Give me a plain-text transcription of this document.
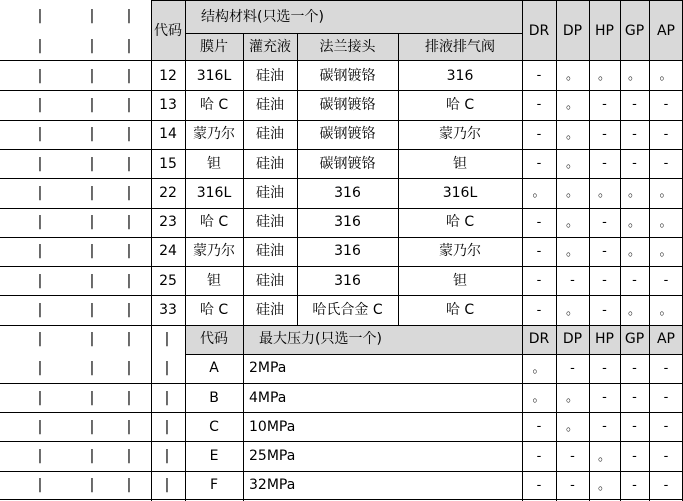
代码
结构材料(只选一个)
膜片	灌充液	法兰接头	排液排气阀
DR DP HP GP AP
12	316L	硅油	碳钢镀铬	316	-	。	。	。	。
13	哈 C	硅油	碳钢镀铬	哈 C	-	。	-	-	-
14	蒙乃尔	硅油	碳钢镀铬	蒙乃尔	-	。	-	-	-
15	钽	硅油	碳钢镀铬	钽	-	。	-	-	-
22	316L	硅油	316	316L	。	。	。	。	。
23	哈 C	硅油	316	哈 C	-	。	-	。	。
24	蒙乃尔	硅油	316	蒙乃尔	-	。	-	。	。
25	钽	硅油	316	钽	-	-	-	-	-
33	哈 C	硅油	哈氏合金 C	哈 C	-	。	-	。	。
代码	最大压力(只选一个)	DR DP HP GP AP
A	2MPa	。	-	-	-	-
B	4MPa	。	。	-	-	-
C	10MPa	-	。	-	-	-
E	25MPa	-	-	。	-	-
F	32MPa	-	-	。	-	-
|	| |
|	| |
|	| |
|	| |
|	| |
|	| |
|	| |
|	| |
|	| |
|	| |
|	| |
|	| | |
|	| | |
|	| | |
|	| | |
|	| | |
|	| | |
